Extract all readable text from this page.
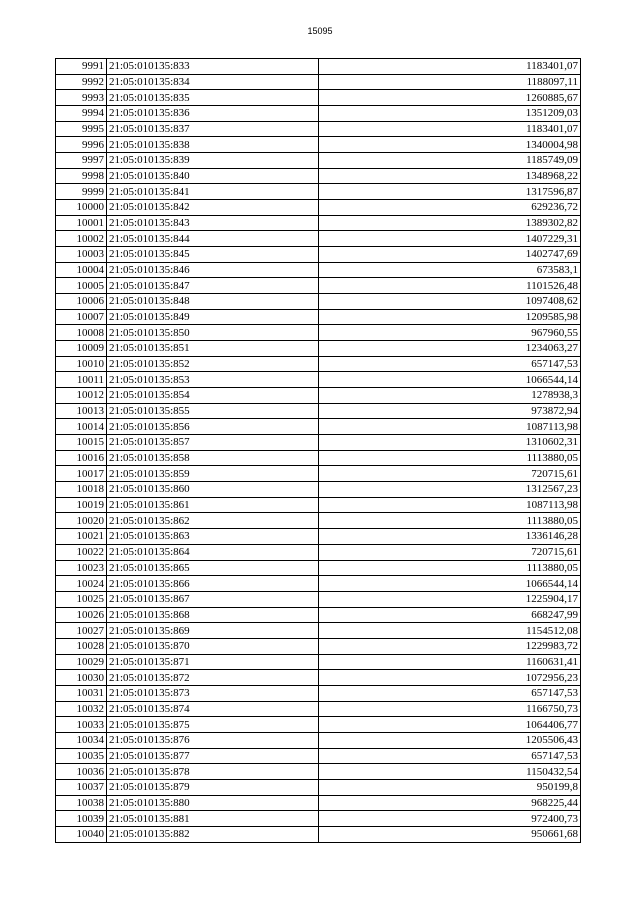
15095
9991	21:05:010135:833	1183401,07
9992	21:05:010135:834	1188097,11
9993	21:05:010135:835	1260885,67
9994	21:05:010135:836	1351209,03
9995	21:05:010135:837	1183401,07
9996	21:05:010135:838	1340004,98
9997	21:05:010135:839	1185749,09
9998	21:05:010135:840	1348968,22
9999	21:05:010135:841	1317596,87
10000	21:05:010135:842	629236,72
10001	21:05:010135:843	1389302,82
10002	21:05:010135:844	1407229,31
10003	21:05:010135:845	1402747,69
10004	21:05:010135:846	673583,1
10005	21:05:010135:847	1101526,48
10006	21:05:010135:848	1097408,62
10007	21:05:010135:849	1209585,98
10008	21:05:010135:850	967960,55
10009	21:05:010135:851	1234063,27
10010	21:05:010135:852	657147,53
10011	21:05:010135:853	1066544,14
10012	21:05:010135:854	1278938,3
10013	21:05:010135:855	973872,94
10014	21:05:010135:856	1087113,98
10015	21:05:010135:857	1310602,31
10016	21:05:010135:858	1113880,05
10017	21:05:010135:859	720715,61
10018	21:05:010135:860	1312567,23
10019	21:05:010135:861	1087113,98
10020	21:05:010135:862	1113880,05
10021	21:05:010135:863	1336146,28
10022	21:05:010135:864	720715,61
10023	21:05:010135:865	1113880,05
10024	21:05:010135:866	1066544,14
10025	21:05:010135:867	1225904,17
10026	21:05:010135:868	668247,99
10027	21:05:010135:869	1154512,08
10028	21:05:010135:870	1229983,72
10029	21:05:010135:871	1160631,41
10030	21:05:010135:872	1072956,23
10031	21:05:010135:873	657147,53
10032	21:05:010135:874	1166750,73
10033	21:05:010135:875	1064406,77
10034	21:05:010135:876	1205506,43
10035	21:05:010135:877	657147,53
10036	21:05:010135:878	1150432,54
10037	21:05:010135:879	950199,8
10038	21:05:010135:880	968225,44
10039	21:05:010135:881	972400,73
10040	21:05:010135:882	950661,68
